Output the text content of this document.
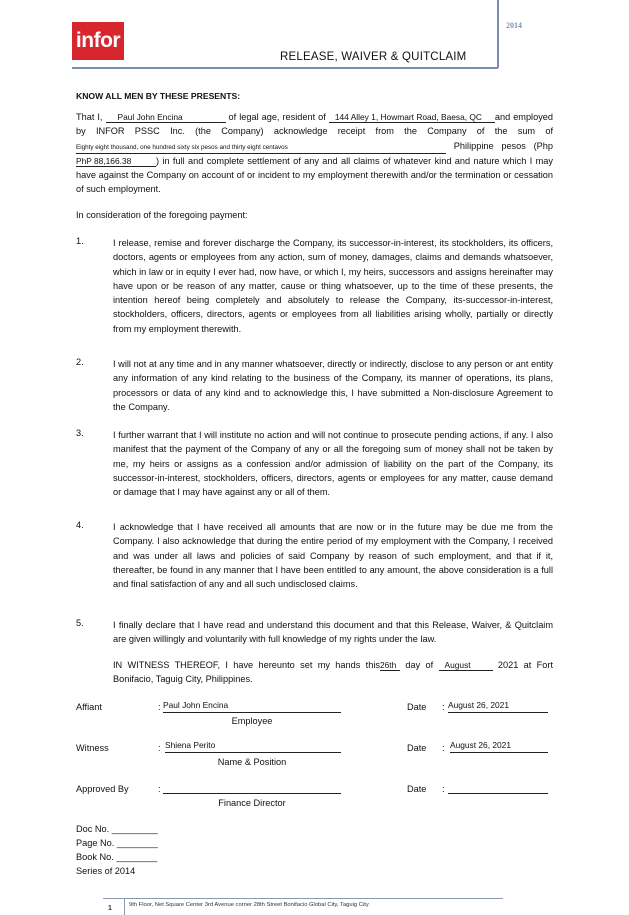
infor
2014
RELEASE, WAIVER & QUITCLAIM
KNOW ALL MEN BY THESE PRESENTS:
That I, Paul John Encina	of legal age, resident of 144 Alley 1, Howmart Road, Baesa, QC and employed by INFOR PSSC Inc. (the Company) acknowledge receipt from the Company of the sum of Eighty eight thousand, one hundred sixty six pesos and thirty eight centavos	Philippine pesos (PhpPhP 88,166.38	) in full and complete settlement of any and all claims of whatever kind and nature which I may have against the Company on account of or incident to my employment therewith and/or the termination or cessation of such employment.
In consideration of the foregoing payment:
1.	I release, remise and forever discharge the Company, its successor-in-interest, its stockholders, its officers, doctors, agents or employees from any action, sum of money, damages, claims and demands whatsoever, which in law or in equity I ever had, now have, or which I, my heirs, successors and assigns hereinafter may have upon or be reason of any matter, cause or thing whatsoever, up to the time of these presents, the intention hereof being completely and absolutely to release the Company, its-successor-in-interest, stockholders, officers, directors, agents or employees from all liabilities arising wholly, partially or directly from my employment therewith.
2.	I will not at any time and in any manner whatsoever, directly or indirectly, disclose to any person or ant entity any information of any kind relating to the business of the Company, its manner of operations, its plans, processors or data of any kind and to acknowledge this, I have submitted a Non-disclosure Agreement to the Company.
3.	I further warrant that I will institute no action and will not continue to prosecute pending actions, if any. I also manifest that the payment of the Company of any or all the foregoing sum of money shall not be taken by me, my heirs or assigns as a confession and/or admission of liability on the part of the Company, its successor-in-interest, stockholders, officers, directors, agents or employees for any matter, cause demand or damage that I may have against any or all of them.
4.	I acknowledge that I have received all amounts that are now or in the future may be due me from the Company. I also acknowledge that during the entire period of my employment with the Company, I received and was under all laws and policies of said Company by reason of such employment, and that if it, thereafter, be found in any manner that I have been entitled to any amount, the above consideration is a full and final satisfaction of any and all such undisclosed claims.
5.	I finally declare that I have read and understand this document and that this Release, Waiver, & Quitclaim are given willingly and voluntarily with full knowledge of my rights under the law.
IN WITNESS THEREOF, I have hereunto set my hands this26th day of August	2021 at Fort Bonifacio, Taguig City, Philippines.
Affiant	: Paul John Encina
Employee
Date : August 26, 2021
Witness	: Shiena Perito
Name & Position
Date : August 26, 2021
Approved By	:
Finance Director
Date :
Doc No. _________
Page No. ________
Book No. ________
Series of 2014
1	9th Floor, Net Square Center 3rd Avenue corner 28th Street Bonifacio Global City, Taguig City
